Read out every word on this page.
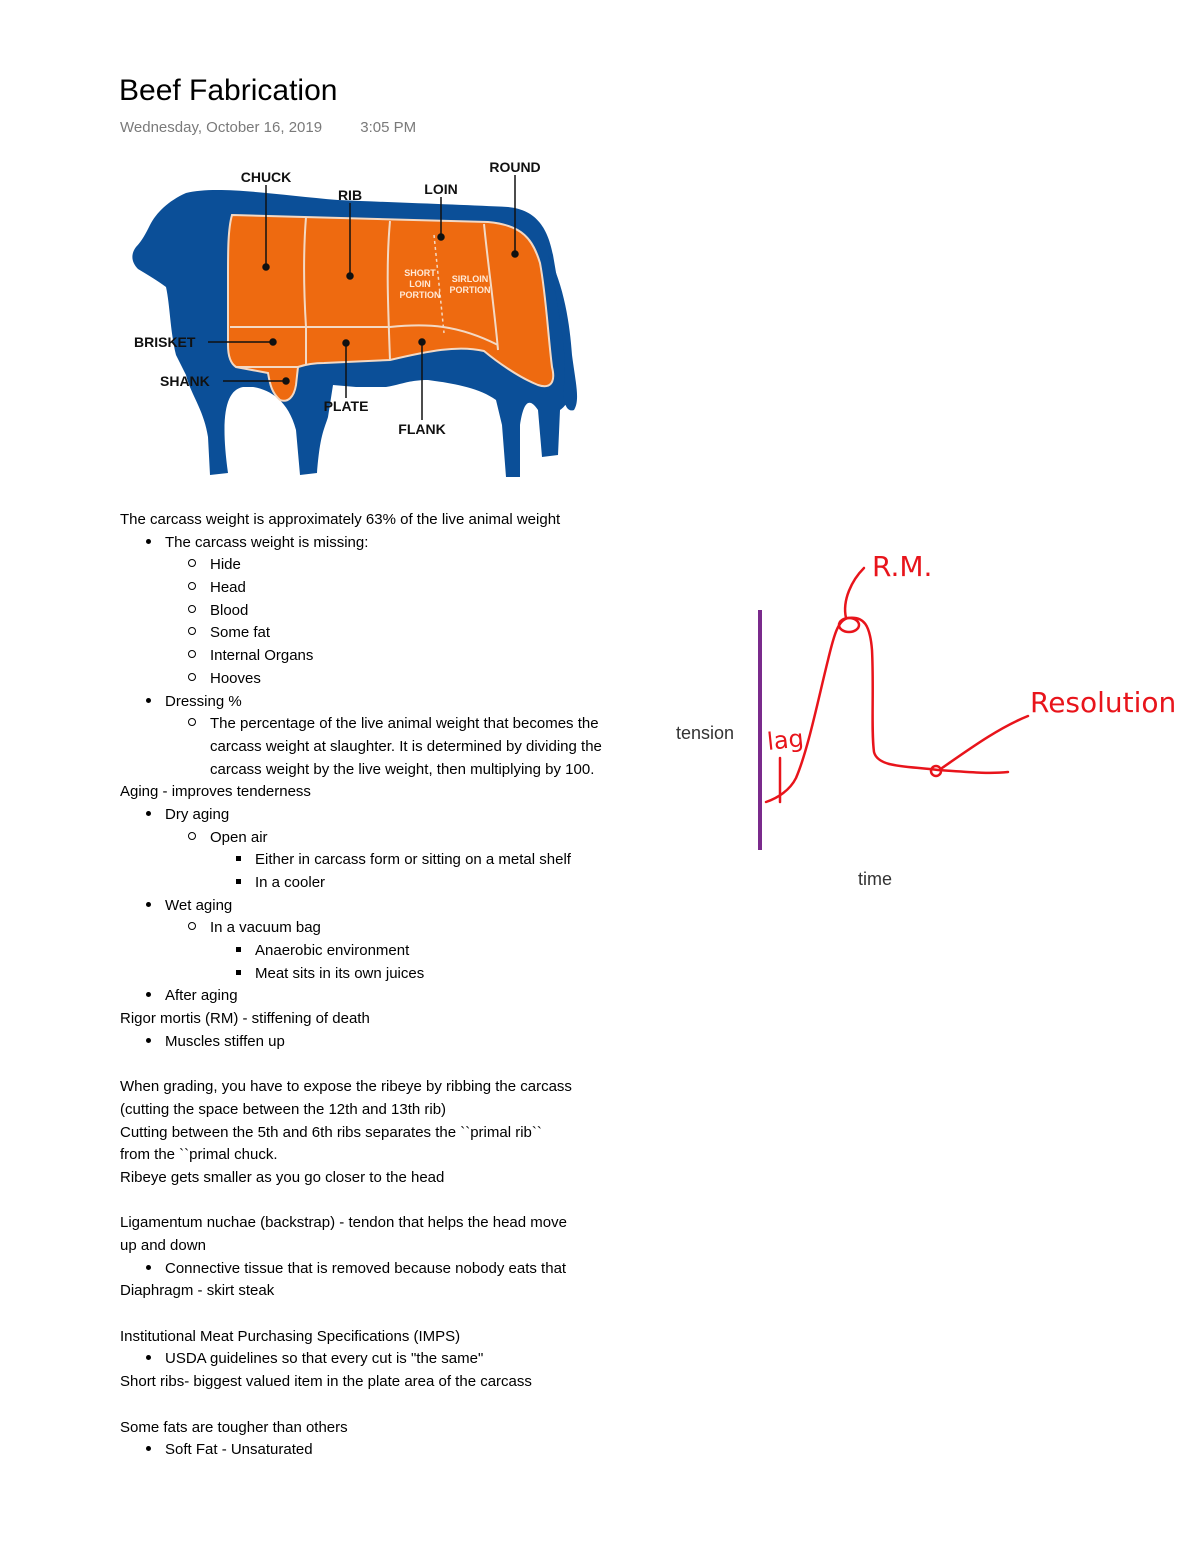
Beef Fabrication
Wednesday, October 16, 2019	3:05 PM
SHORT
LOIN
PORTION
SIRLOIN
PORTION
CHUCK
RIB	LOIN
ROUND
BRISKET
SHANK
PLATE
FLANK
The carcass weight is approximately 63% of the live animal weight
The carcass weight is missing:
Hide
Head
Blood
Some fat
Internal Organs
Hooves
Dressing %
The percentage of the live animal weight that becomes the carcass weight at slaughter. It is determined by dividing the carcass weight by the live weight, then multiplying by 100.
Aging - improves tenderness
Dry aging
Open air
Either in carcass form or sitting on a metal shelf
In a cooler
Wet aging
In a vacuum bag
Anaerobic environment
Meat sits in its own juices
After aging
Rigor mortis (RM) - stiffening of death
Muscles stiffen up
When grading, you have to expose the ribeye by ribbing the carcass
(cutting the space between the 12th and 13th rib)
Cutting between the 5th and 6th ribs separates the ``primal rib``
from the ``primal chuck.
Ribeye gets smaller as you go closer to the head
Ligamentum nuchae (backstrap) - tendon that helps the head move
up and down
Connective tissue that is removed because nobody eats that
Diaphragm - skirt steak
Institutional Meat Purchasing Specifications (IMPS)
USDA guidelines so that every cut is "the same"
Short ribs- biggest valued item in the plate area of the carcass
Some fats are tougher than others
Soft Fat - Unsaturated
tension
time
R.M.
lag
Resolution
